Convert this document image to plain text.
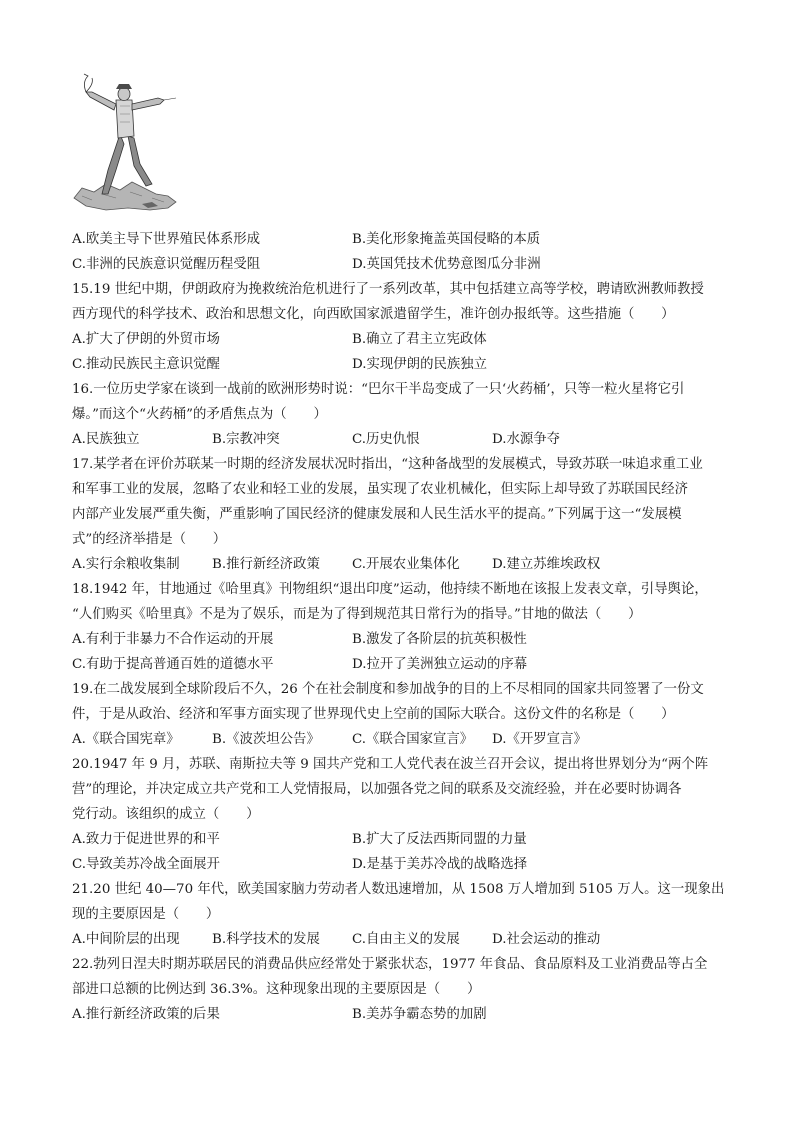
A.欧美主导下世界殖民体系形成	B.美化形象掩盖英国侵略的本质
C.非洲的民族意识觉醒历程受阻	D.英国凭技术优势意图瓜分非洲
15.19 世纪中期，伊朗政府为挽救统治危机进行了一系列改革，其中包括建立高等学校，聘请欧洲教师教授
西方现代的科学技术、政治和思想文化，向西欧国家派遣留学生，准许创办报纸等。这些措施（　　）
A.扩大了伊朗的外贸市场	B.确立了君主立宪政体
C.推动民族民主意识觉醒	D.实现伊朗的民族独立
16.一位历史学家在谈到一战前的欧洲形势时说：“巴尔干半岛变成了一只‘火药桶’，只等一粒火星将它引
爆。”而这个“火药桶”的矛盾焦点为（　　）
A.民族独立	B.宗教冲突	C.历史仇恨	D.水源争夺
17.某学者在评价苏联某一时期的经济发展状况时指出，“这种备战型的发展模式，导致苏联一味追求重工业
和军事工业的发展，忽略了农业和轻工业的发展，虽实现了农业机械化，但实际上却导致了苏联国民经济
内部产业发展严重失衡，严重影响了国民经济的健康发展和人民生活水平的提高。”下列属于这一“发展模
式”的经济举措是（　　）
A.实行余粮收集制	B.推行新经济政策	C.开展农业集体化	D.建立苏维埃政权
18.1942 年，甘地通过《哈里真》刊物组织“退出印度”运动，他持续不断地在该报上发表文章，引导舆论，
“人们购买《哈里真》不是为了娱乐，而是为了得到规范其日常行为的指导。”甘地的做法（　　）
A.有利于非暴力不合作运动的开展	B.激发了各阶层的抗英积极性
C.有助于提高普通百姓的道德水平	D.拉开了美洲独立运动的序幕
19.在二战发展到全球阶段后不久，26 个在社会制度和参加战争的目的上不尽相同的国家共同签署了一份文
件，于是从政治、经济和军事方面实现了世界现代史上空前的国际大联合。这份文件的名称是（　　）
A.《联合国宪章》	B.《波茨坦公告》	C.《联合国家宣言》	D.《开罗宣言》
20.1947 年 9 月，苏联、南斯拉夫等 9 国共产党和工人党代表在波兰召开会议，提出将世界划分为“两个阵
营”的理论，并决定成立共产党和工人党情报局，以加强各党之间的联系及交流经验，并在必要时协调各
党行动。该组织的成立（　　）
A.致力于促进世界的和平	B.扩大了反法西斯同盟的力量
C.导致美苏冷战全面展开	D.是基于美苏冷战的战略选择
21.20 世纪 40—70 年代，欧美国家脑力劳动者人数迅速增加，从 1508 万人增加到 5105 万人。这一现象出
现的主要原因是（　　）
A.中间阶层的出现	B.科学技术的发展	C.自由主义的发展	D.社会运动的推动
22.勃列日涅夫时期苏联居民的消费品供应经常处于紧张状态，1977 年食品、食品原料及工业消费品等占全
部进口总额的比例达到 36.3%。这种现象出现的主要原因是（　　）
A.推行新经济政策的后果	B.美苏争霸态势的加剧
